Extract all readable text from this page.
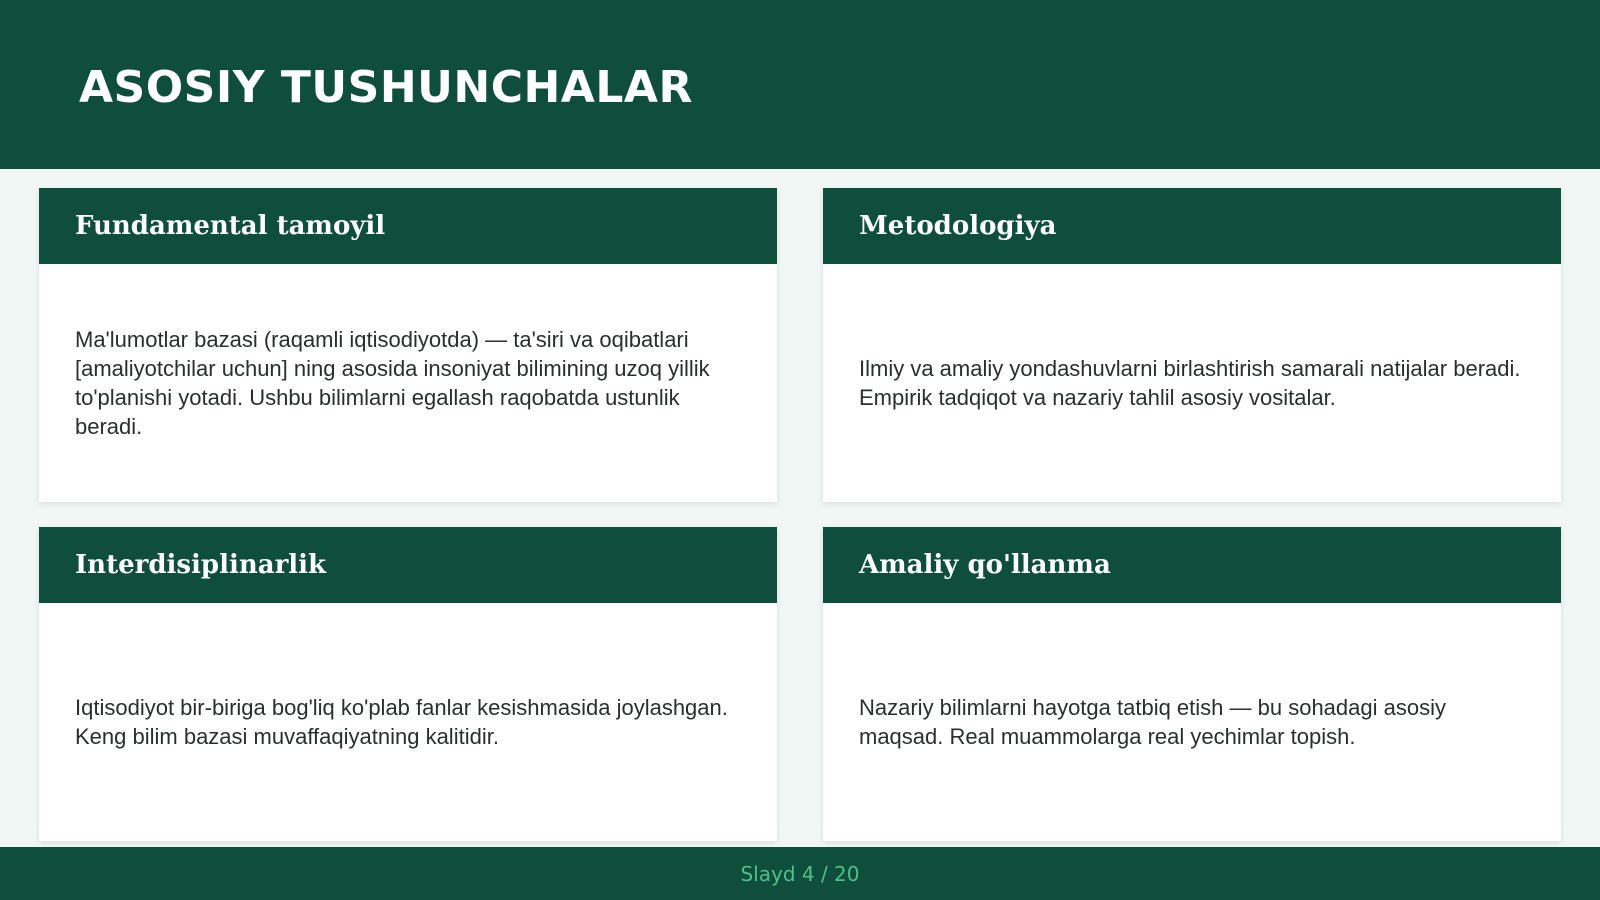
ASOSIY TUSHUNCHALAR
Fundamental tamoyil

Ma'lumotlar bazasi (raqamli iqtisodiyotda) — ta'siri va oqibatlari [amaliyotchilar uchun] ning asosida insoniyat bilimining uzoq yillik to'planishi yotadi. Ushbu bilimlarni egallash raqobatda ustunlik beradi.

Metodologiya

Ilmiy va amaliy yondashuvlarni birlashtirish samarali natijalar beradi. Empirik tadqiqot va nazariy tahlil asosiy vositalar.

Interdisiplinarlik

Iqtisodiyot bir-biriga bog'liq ko'plab fanlar kesishmasida joylashgan. Keng bilim bazasi muvaffaqiyatning kalitidir.

Amaliy qo'llanma

Nazariy bilimlarni hayotga tatbiq etish — bu sohadagi asosiy maqsad. Real muammolarga real yechimlar topish.

Slayd 4 / 20
